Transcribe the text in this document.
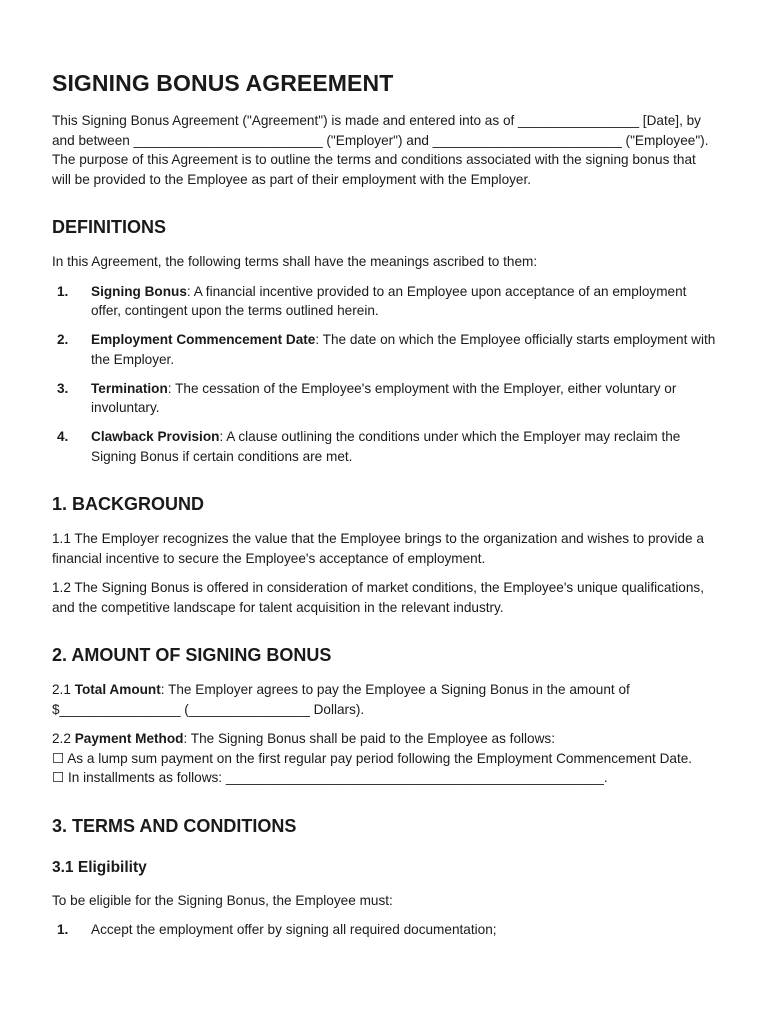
SIGNING BONUS AGREEMENT

This Signing Bonus Agreement ("Agreement") is made and entered into as of ________________ [Date], by and between _________________________ ("Employer") and _________________________ ("Employee"). The purpose of this Agreement is to outline the terms and conditions associated with the signing bonus that will be provided to the Employee as part of their employment with the Employer.

DEFINITIONS

In this Agreement, the following terms shall have the meanings ascribed to them:

1. Signing Bonus: A financial incentive provided to an Employee upon acceptance of an employment offer, contingent upon the terms outlined herein.
2. Employment Commencement Date: The date on which the Employee officially starts employment with the Employer.
3. Termination: The cessation of the Employee's employment with the Employer, either voluntary or involuntary.
4. Clawback Provision: A clause outlining the conditions under which the Employer may reclaim the Signing Bonus if certain conditions are met.
1. BACKGROUND

1.1 The Employer recognizes the value that the Employee brings to the organization and wishes to provide a financial incentive to secure the Employee's acceptance of employment.

1.2 The Signing Bonus is offered in consideration of market conditions, the Employee's unique qualifications, and the competitive landscape for talent acquisition in the relevant industry.

2. AMOUNT OF SIGNING BONUS

2.1 Total Amount: The Employer agrees to pay the Employee a Signing Bonus in the amount of $________________ (________________ Dollars).

2.2 Payment Method: The Signing Bonus shall be paid to the Employee as follows:
☐ As a lump sum payment on the first regular pay period following the Employment Commencement Date.
☐ In installments as follows: __________________________________________________.

3. TERMS AND CONDITIONS
3.1 Eligibility

To be eligible for the Signing Bonus, the Employee must:

1. Accept the employment offer by signing all required documentation;
